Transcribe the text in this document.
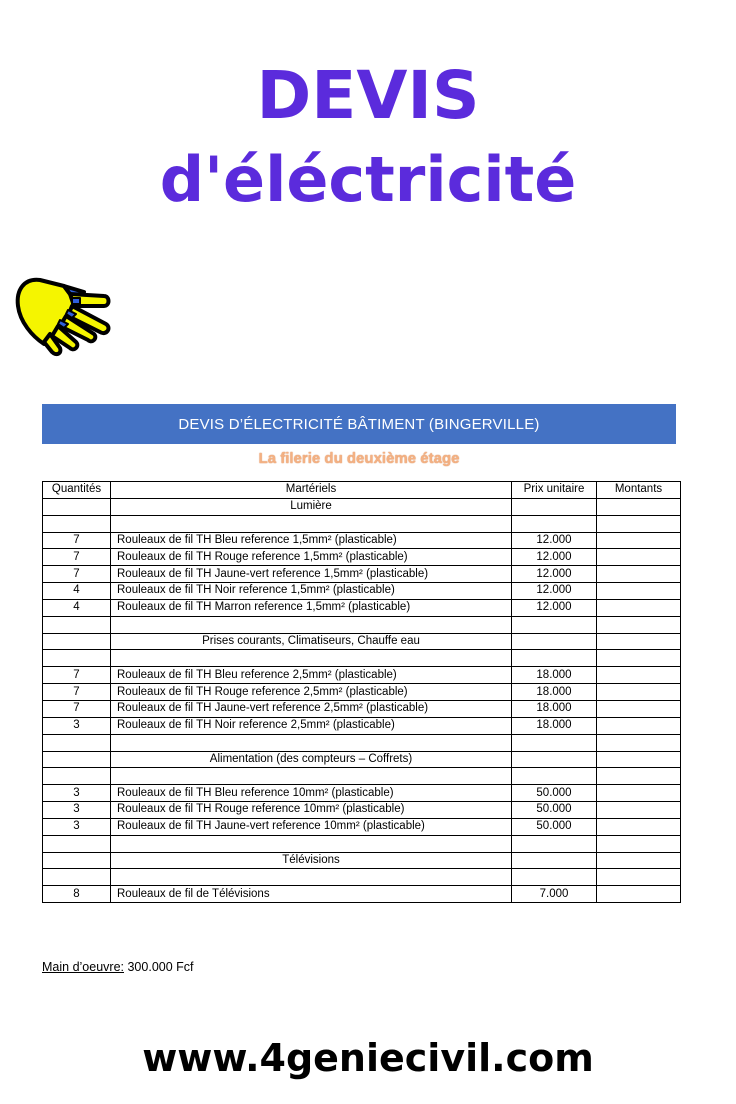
DEVIS
d'éléctricité
DEVIS D’ÉLECTRICITÉ BÂTIMENT (BINGERVILLE)
La filerie du deuxième étage
Quantités	Martériels	Prix unitaire	Montants
	Lumière		

7	Rouleaux de fil TH Bleu reference 1,5mm² (plasticable)	12.000	
7	Rouleaux de fil TH Rouge reference 1,5mm² (plasticable)	12.000	
7	Rouleaux de fil TH Jaune-vert reference 1,5mm² (plasticable)	12.000	
4	Rouleaux de fil TH Noir reference 1,5mm² (plasticable)	12.000	
4	Rouleaux de fil TH Marron reference 1,5mm² (plasticable)	12.000	

	Prises courants, Climatiseurs, Chauffe eau		

7	Rouleaux de fil TH Bleu reference 2,5mm² (plasticable)	18.000	
7	Rouleaux de fil TH Rouge reference 2,5mm² (plasticable)	18.000	
7	Rouleaux de fil TH Jaune-vert reference 2,5mm² (plasticable)	18.000	
3	Rouleaux de fil TH Noir reference 2,5mm² (plasticable)	18.000	

	Alimentation (des compteurs – Coffrets)		

3	Rouleaux de fil TH Bleu reference 10mm² (plasticable)	50.000	
3	Rouleaux de fil TH Rouge reference 10mm² (plasticable)	50.000	
3	Rouleaux de fil TH Jaune-vert reference 10mm² (plasticable)	50.000	

	Télévisions		

8	Rouleaux de fil de Télévisions	7.000	
Main d’oeuvre: 300.000 Fcf
www.4geniecivil.com
